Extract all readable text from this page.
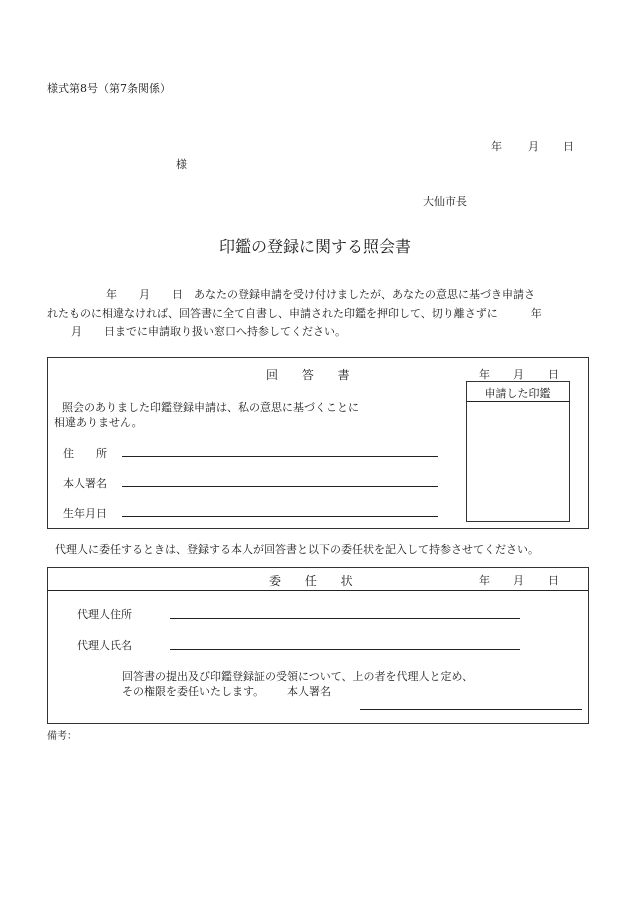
様式第8号（第7条関係）
年 月 日
様
大仙市長
印鑑の登録に関する照会書
年　　月　　日　あなたの登録申請を受け付けましたが、あなたの意思に基づき申請さ
れたものに相違なければ、回答書に全て自書し、申請された印鑑を押印して、切り離さずに　　　年
月　　日までに申請取り扱い窓口へ持参してください。
回 答 書	年 月 日
申請した印鑑
照会のありました印鑑登録申請は、私の意思に基づくことに
相違ありません。
住　　所
本人署名
生年月日
代理人に委任するときは、登録する本人が回答書と以下の委任状を記入して持参させてください。
委 任 状	年 月 日
代理人住所
代理人氏名
回答書の提出及び印鑑登録証の受領について、上の者を代理人と定め、
その権限を委任いたします。 本人署名
備考：
